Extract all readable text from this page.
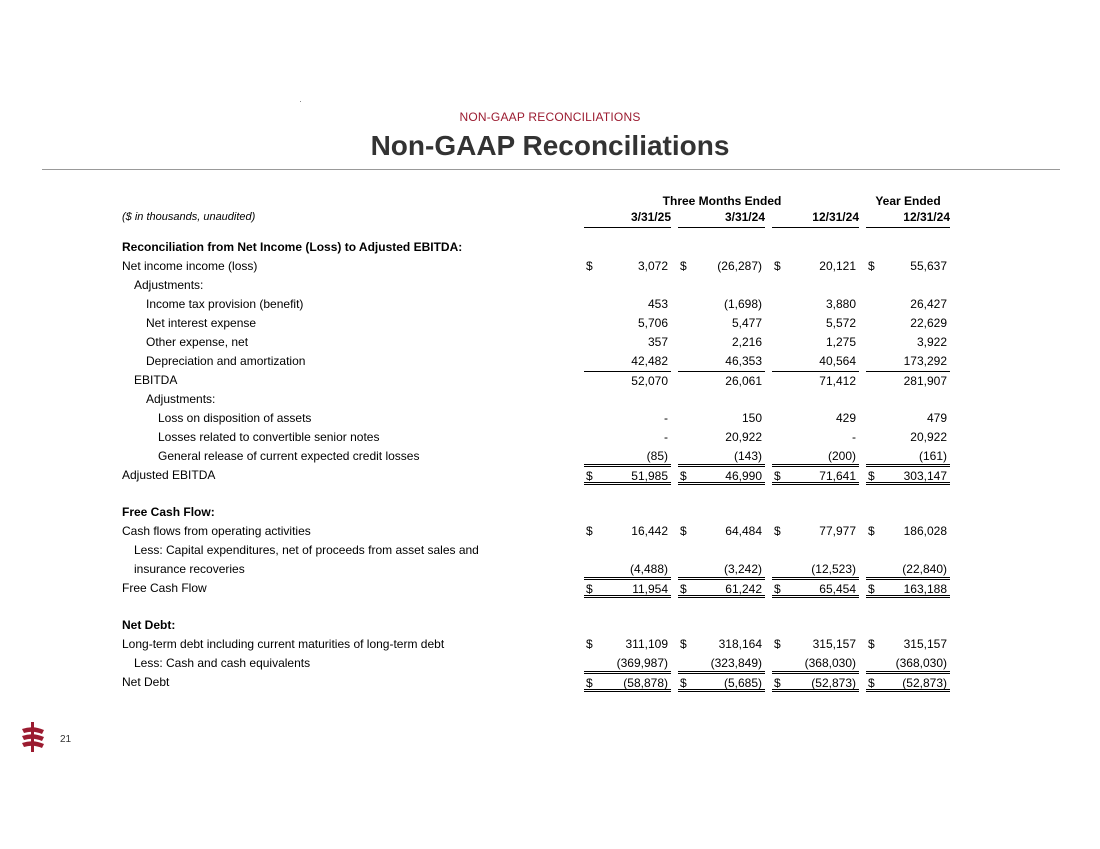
NON-GAAP RECONCILIATIONS
Non-GAAP Reconciliations
Three Months Ended	Year Ended
($ in thousands, unaudited)	3/31/25	3/31/24	12/31/24	12/31/24
Reconciliation from Net Income (Loss) to Adjusted EBITDA:
Net income income (loss)	$	3,072 $	(26,287) $	20,121 $	55,637
Adjustments:
Income tax provision (benefit)	453	(1,698)	3,880	26,427
Net interest expense	5,706	5,477	5,572	22,629
Other expense, net	357	2,216	1,275	3,922
Depreciation and amortization	42,482	46,353	40,564	173,292
EBITDA	52,070	26,061	71,412	281,907
Adjustments:
Loss on disposition of assets	-	150	429	479
Losses related to convertible senior notes	-	20,922	-	20,922
General release of current expected credit losses	(85)	(143)	(200)	(161)
Adjusted EBITDA	$	51,985 $	46,990 $	71,641 $ 303,147
Free Cash Flow:
Cash flows from operating activities	$	16,442 $	64,484 $	77,977 $ 186,028
Less: Capital expenditures, net of proceeds from asset sales and
insurance recoveries	(4,488)	(3,242)	(12,523)	(22,840)
Free Cash Flow	$	11,954 $	61,242 $	65,454 $ 163,188
Net Debt:
Long-term debt including current maturities of long-term debt	$	311,109 $	318,164 $	315,157 $ 315,157
Less: Cash and cash equivalents	(369,987)	(323,849)	(368,030)	(368,030)
Net Debt	$	(58,878) $	(5,685) $	(52,873) $ (52,873)
21
